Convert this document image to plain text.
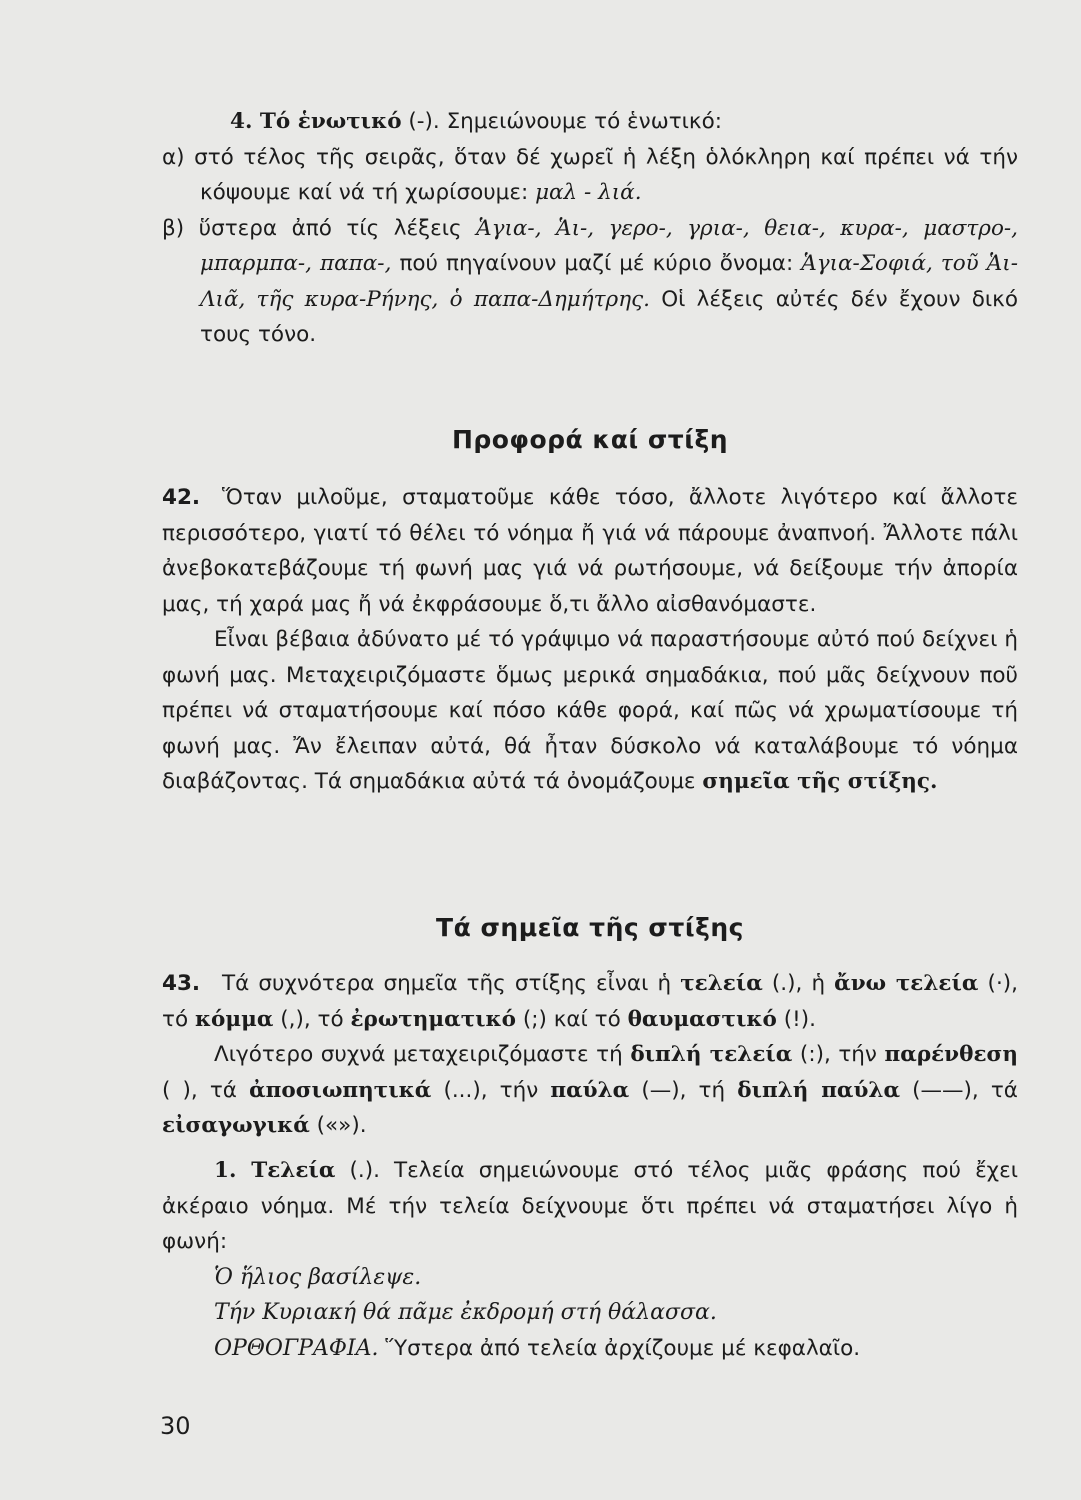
4. Τό ἑνωτικό (-). Σημειώνουμε τό ἑνωτικό:

α) στό τέλος τῆς σειρᾶς, ὅταν δέ χωρεῖ ἡ λέξη ὁλόκληρη καί πρέπει νά τήν κόψουμε καί νά τή χωρίσουμε: μαλ - λιά.

β) ὕστερα ἀπό τίς λέξεις Ἁγια-, Ἁι-, γερο-, γρια-, θεια-, κυρα-, μαστρο-, μπαρμπα-, παπα-, πού πηγαίνουν μαζί μέ κύριο ὄνομα: Ἁγια-Σοφιά, τοῦ Ἁι-Λιᾶ, τῆς κυρα-Ρήνης, ὁ παπα-Δημήτρης. Οἱ λέξεις αὐτές δέν ἔχουν δικό τους τόνο.

Προφορά καί στίξη

42. Ὅταν μιλοῦμε, σταματοῦμε κάθε τόσο, ἄλλοτε λιγότερο καί ἄλλοτε περισσότερο, γιατί τό θέλει τό νόημα ἤ γιά νά πάρουμε ἀναπνοή. Ἄλλοτε πάλι ἀνεβοκατεβάζουμε τή φωνή μας γιά νά ρωτήσουμε, νά δείξουμε τήν ἀπορία μας, τή χαρά μας ἤ νά ἐκφράσουμε ὅ,τι ἄλλο αἰσθανόμαστε.

Εἶναι βέβαια ἀδύνατο μέ τό γράψιμο νά παραστήσουμε αὐτό πού δείχνει ἡ φωνή μας. Μεταχειριζόμαστε ὅμως μερικά σημαδάκια, πού μᾶς δείχνουν ποῦ πρέπει νά σταματήσουμε καί πόσο κάθε φορά, καί πῶς νά χρωματίσουμε τή φωνή μας. Ἄν ἔλειπαν αὐτά, θά ἦταν δύσκολο νά καταλάβουμε τό νόημα διαβάζοντας. Τά σημαδάκια αὐτά τά ὀνομάζουμε σημεῖα τῆς στίξης.

Τά σημεῖα τῆς στίξης

43. Τά συχνότερα σημεῖα τῆς στίξης εἶναι ἡ τελεία (.), ἡ ἄνω τελεία (·), τό κόμμα (,), τό ἐρωτηματικό (;) καί τό θαυμαστικό (!).

Λιγότερο συχνά μεταχειριζόμαστε τή διπλή τελεία (:), τήν παρένθεση ( ), τά ἀποσιωπητικά (...), τήν παύλα (—), τή διπλή παύλα (——), τά εἰσαγωγικά («»).

1. Τελεία (.). Τελεία σημειώνουμε στό τέλος μιᾶς φράσης πού ἔχει ἀκέραιο νόημα. Μέ τήν τελεία δείχνουμε ὅτι πρέπει νά σταματήσει λίγο ἡ φωνή:

Ὁ ἥλιος βασίλεψε.

Τήν Κυριακή θά πᾶμε ἐκδρομή στή θάλασσα.

ΟΡΘΟΓΡΑΦΙΑ. Ὕστερα ἀπό τελεία ἀρχίζουμε μέ κεφαλαῖο.

30
